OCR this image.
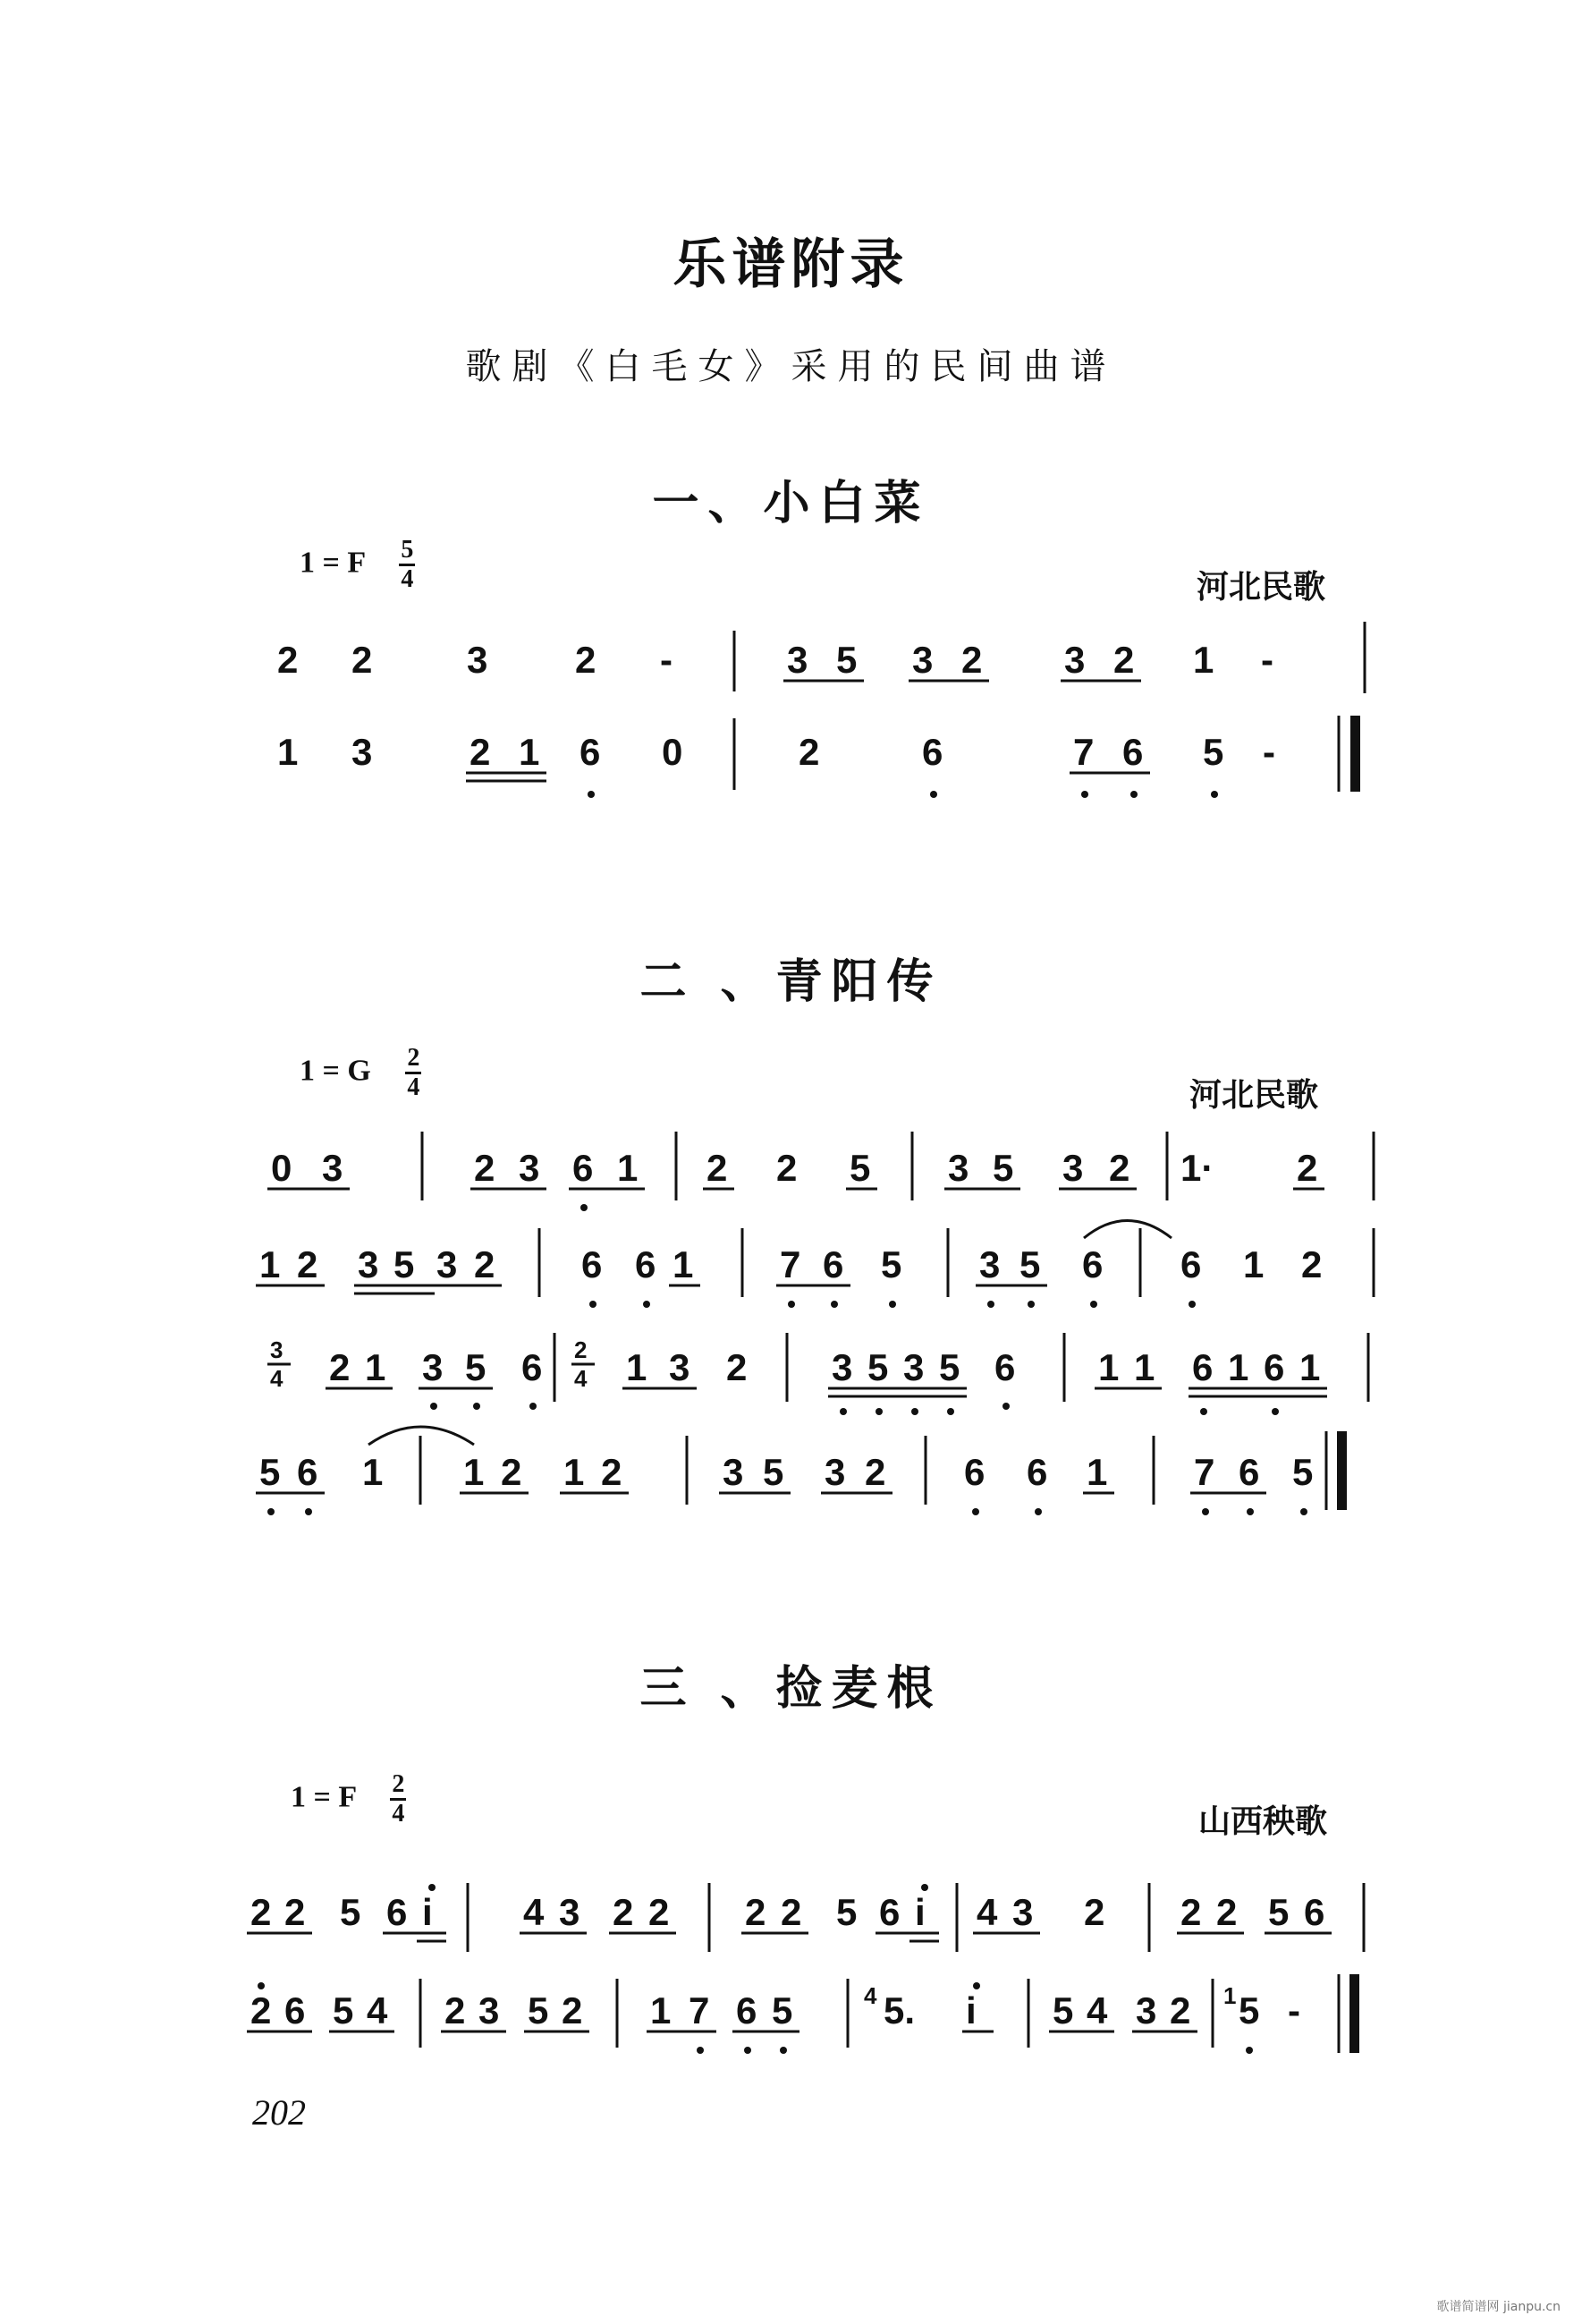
乐谱附录
歌剧《白毛女》采用的民间曲谱
一、小白菜
1 = F $\frac{5}{4}$	河北民歌
二 、青阳传
1 = G $\frac{2}{4}$	河北民歌
三 、捡麦根
1 = F $\frac{2}{4}$	山西秧歌
2 2	3 2 -	3 5 3 2 3 2 1 -
1 3	2 1 6 0	2	6	7 6 5 -
0 3	2 3 6 1 2 2 5 3 5 3 2 1· 2
1 2 3 5 3 2 6 6 1 7 6 5 3 5 6 6 1 2
3
4 2 1 3 5 6 2
4 1 3 2 3 5 3 5 6 1 1 6 1 6 1
5 6 1 1 2 1 2	3 5 3 2 6 6 1 7 6 5
2 2 5 6 i 4 3 2 2 2 2 5 6 i 4 3 2 2 2 5 6
2 6 5 4 2 3 5 2 1 7 6 5	4 5. i 5 4 3 2 1 5 -
202
歌谱简谱网 jianpu.cn
